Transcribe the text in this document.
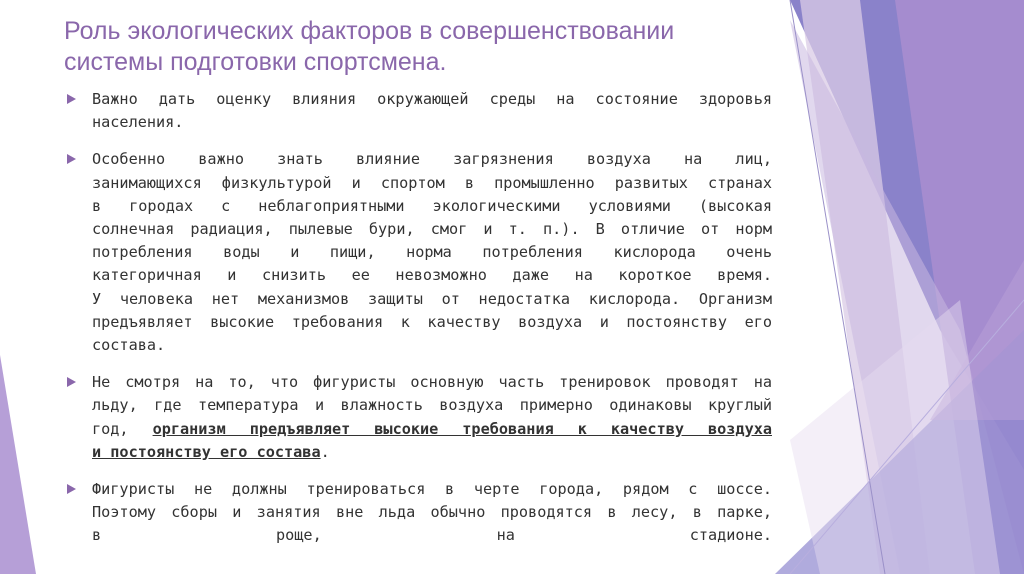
Роль экологических факторов в совершенствовании
системы подготовки спортсмена.
Важно дать оценку влияния окружающей среды на состояние здоровья
населения.
Особенно важно знать влияние загрязнения воздуха на лиц,
занимающихся физкультурой и спортом в промышленно развитых странах
в городах с неблагоприятными экологическими условиями (высокая
солнечная радиация, пылевые бури, смог и т. п.). В отличие от норм
потребления воды и пищи, норма потребления кислорода очень
категоричная и снизить ее невозможно даже на короткое время.
У человека нет механизмов защиты от недостатка кислорода. Организм
предъявляет высокие требования к качеству воздуха и постоянству его
состава.
Не смотря на то, что фигуристы основную часть тренировок проводят на
льду, где температура и влажность воздуха примерно одинаковы круглый
год, организм предъявляет высокие требования к качеству воздуха
и постоянству его состава.
Фигуристы не должны тренироваться в черте города, рядом с шоссе.
Поэтому сборы и занятия вне льда обычно проводятся в лесу, в парке,
в роще, на стадионе.
